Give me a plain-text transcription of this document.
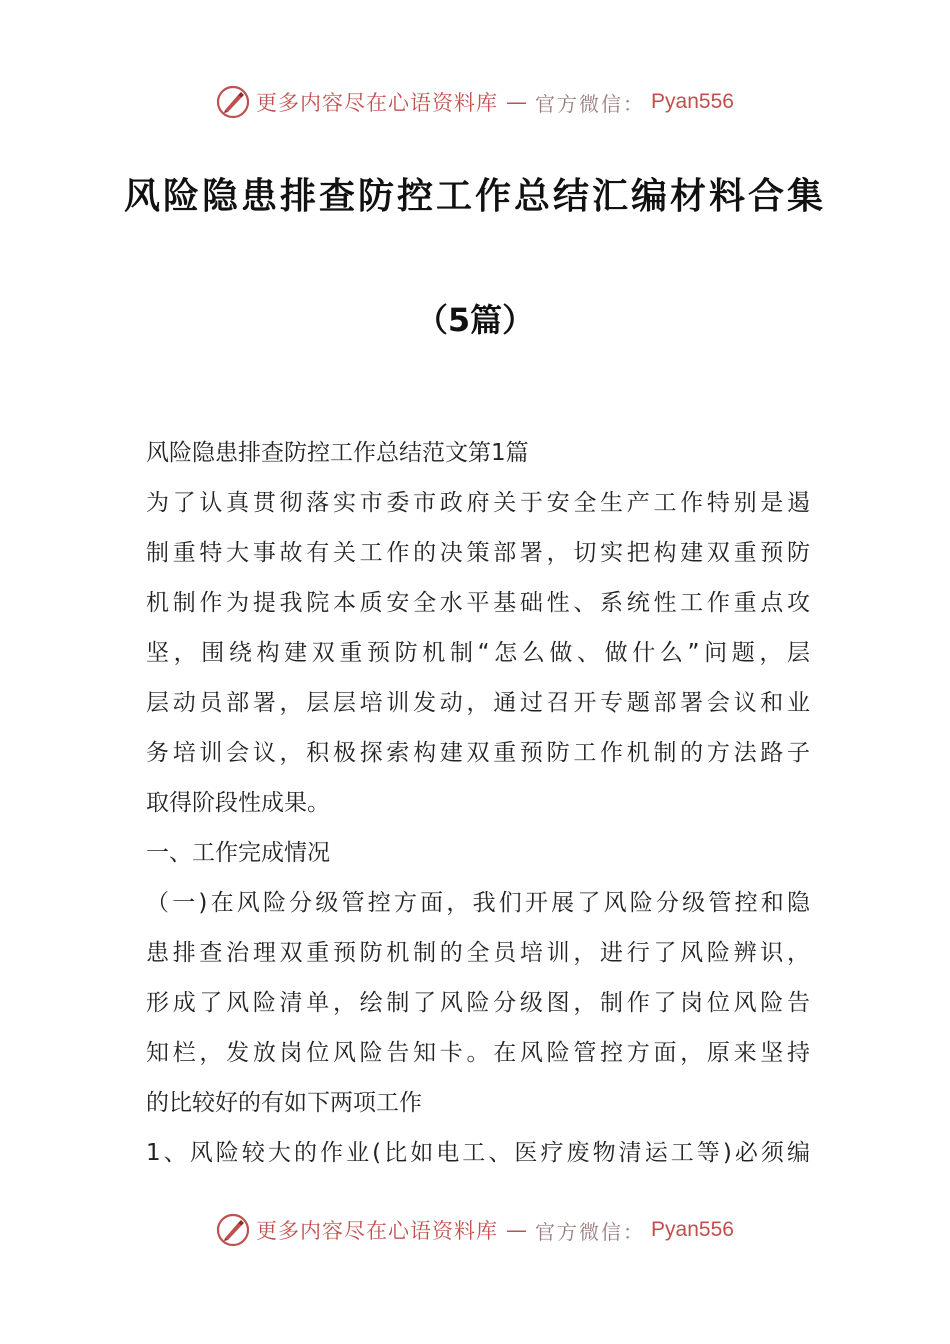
更多内容尽在心语资料库 — 官方微信： Pyan556
风险隐患排查防控工作总结汇编材料合集
（5篇）
风险隐患排查防控工作总结范文第1篇
为了认真贯彻落实市委市政府关于安全生产工作特别是遏
制重特大事故有关工作的决策部署，切实把构建双重预防
机制作为提我院本质安全水平基础性、系统性工作重点攻
坚，围绕构建双重预防机制“怎么做、做什么”问题，层
层动员部署，层层培训发动，通过召开专题部署会议和业
务培训会议，积极探索构建双重预防工作机制的方法路子
取得阶段性成果。
一、工作完成情况
（一)在风险分级管控方面，我们开展了风险分级管控和隐
患排查治理双重预防机制的全员培训，进行了风险辨识，
形成了风险清单，绘制了风险分级图，制作了岗位风险告
知栏，发放岗位风险告知卡。在风险管控方面，原来坚持
的比较好的有如下两项工作
1、风险较大的作业(比如电工、医疗废物清运工等)必须编
更多内容尽在心语资料库 — 官方微信： Pyan556
